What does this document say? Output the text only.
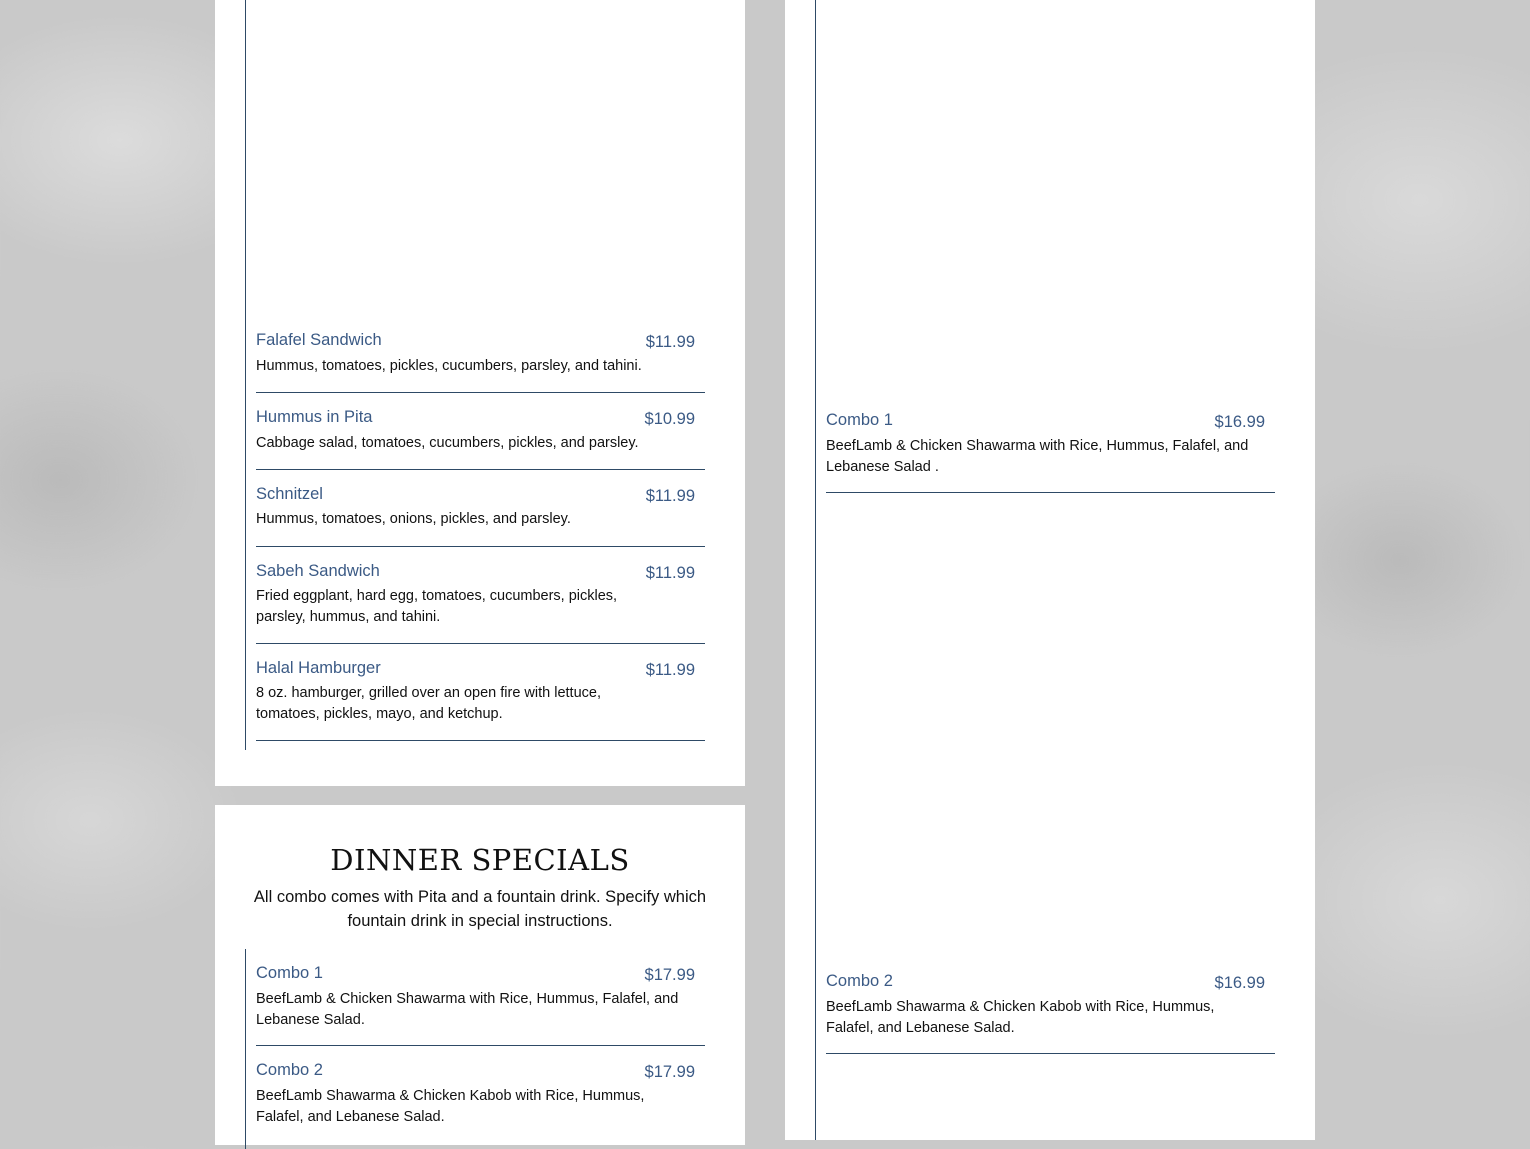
Falafel Sandwich	$11.99
Hummus, tomatoes, pickles, cucumbers, parsley, and tahini.
Hummus in Pita	$10.99
Cabbage salad, tomatoes, cucumbers, pickles, and parsley.
Schnitzel	$11.99
Hummus, tomatoes, onions, pickles, and parsley.
Sabeh Sandwich	$11.99
Fried eggplant, hard egg, tomatoes, cucumbers, pickles, parsley, hummus, and tahini.
Halal Hamburger	$11.99
8 oz. hamburger, grilled over an open fire with lettuce, tomatoes, pickles, mayo, and ketchup.
DINNER SPECIALS
All combo comes with Pita and a fountain drink. Specify which fountain drink in special instructions.
Combo 1	$17.99
BeefLamb & Chicken Shawarma with Rice, Hummus, Falafel, and Lebanese Salad.
Combo 2	$17.99
BeefLamb Shawarma & Chicken Kabob with Rice, Hummus, Falafel, and Lebanese Salad.
Combo 1	$16.99
BeefLamb & Chicken Shawarma with Rice, Hummus, Falafel, and Lebanese Salad .
Combo 2	$16.99
BeefLamb Shawarma & Chicken Kabob with Rice, Hummus, Falafel, and Lebanese Salad.
